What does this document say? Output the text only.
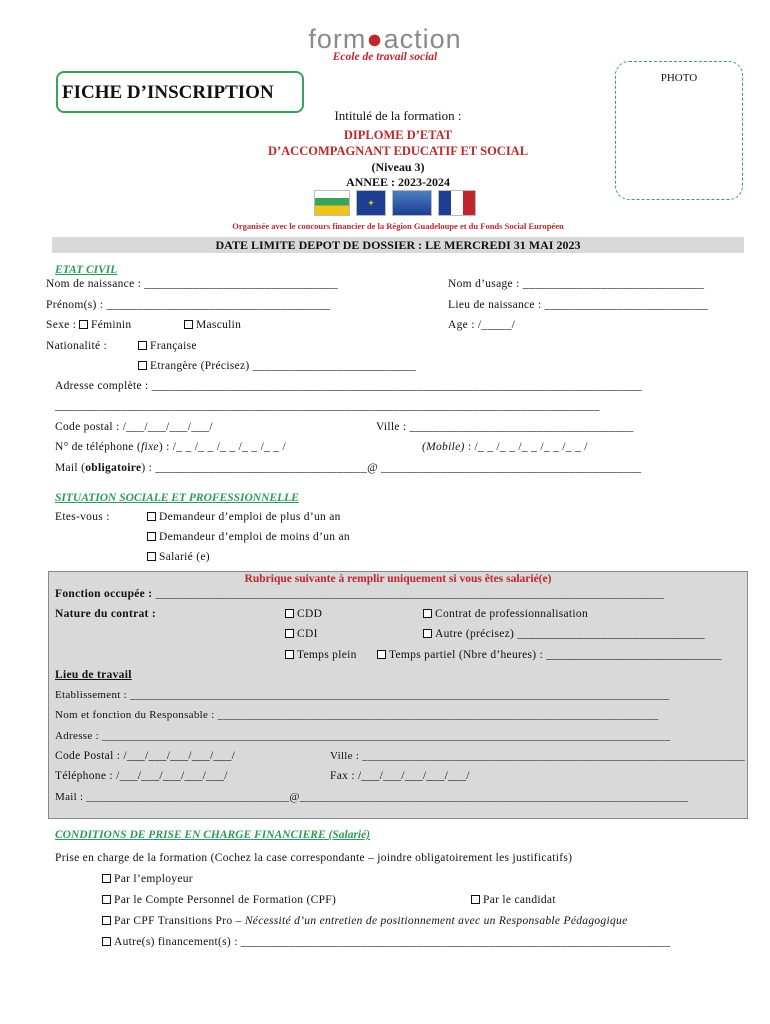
form●action
Ecole de travail social
FICHE D’INSCRIPTION
PHOTO
Intitulé de la formation :
DIPLOME D’ETAT
D’ACCOMPAGNANT EDUCATIF ET SOCIAL
(Niveau 3)
ANNEE : 2023-2024
✦
Organisée avec le concours financier de la Région Guadeloupe et du Fonds Social Européen
DATE LIMITE DEPOT DE DOSSIER : LE MERCREDI 31 MAI 2023
ETAT CIVIL
Nom de naissance : ________________________________	Nom d’usage : ______________________________
Prénom(s) : _____________________________________	Lieu de naissance : ___________________________
Sexe :	Féminin	Masculin	Age : /_____/
Nationalité :	Française
Etrangère (Précisez) ___________________________
Adresse complète : _________________________________________________________________________________
__________________________________________________________________________________________
Code postal : /___/___/___/___/	Ville : _____________________________________
N° de téléphone (fixe) : /_ _ /_ _ /_ _ /_ _ /_ _ /	(Mobile) : /_ _ /_ _ /_ _ /_ _ /_ _ /
Mail (obligatoire) : ___________________________________@ ___________________________________________
SITUATION SOCIALE ET PROFESSIONNELLE
Etes-vous :	Demandeur d’emploi de plus d’un an
Demandeur d’emploi de moins d’un an
Salarié (e)
Rubrique suivante à remplir uniquement si vous êtes salarié(e)
Fonction occupée : ________________________________________________________________________________________________
Nature du contrat :	CDD	Contrat de professionnalisation
CDI	Autre (précisez) _______________________________
Temps plein	Temps partiel (Nbre d’heures) : _____________________________
Lieu de travail
Etablissement : _____________________________________________________________________________________________
Nom et fonction du Responsable : ____________________________________________________________________________
Adresse : __________________________________________________________________________________________________
Code Postal : /___/___/___/___/___/	Ville : __________________________________________________________________
Téléphone : /___/___/___/___/___/	Fax : /___/___/___/___/___/
Mail : ___________________________________@___________________________________________________________________
CONDITIONS DE PRISE EN CHARGE FINANCIERE (Salarié)
Prise en charge de la formation (Cochez la case correspondante – joindre obligatoirement les justificatifs)
Par l’employeur
Par le Compte Personnel de Formation (CPF)	Par le candidat
Par CPF Transitions Pro – Nécessité d’un entretien de positionnement avec un Responsable Pédagogique
Autre(s) financement(s) : _______________________________________________________________________
